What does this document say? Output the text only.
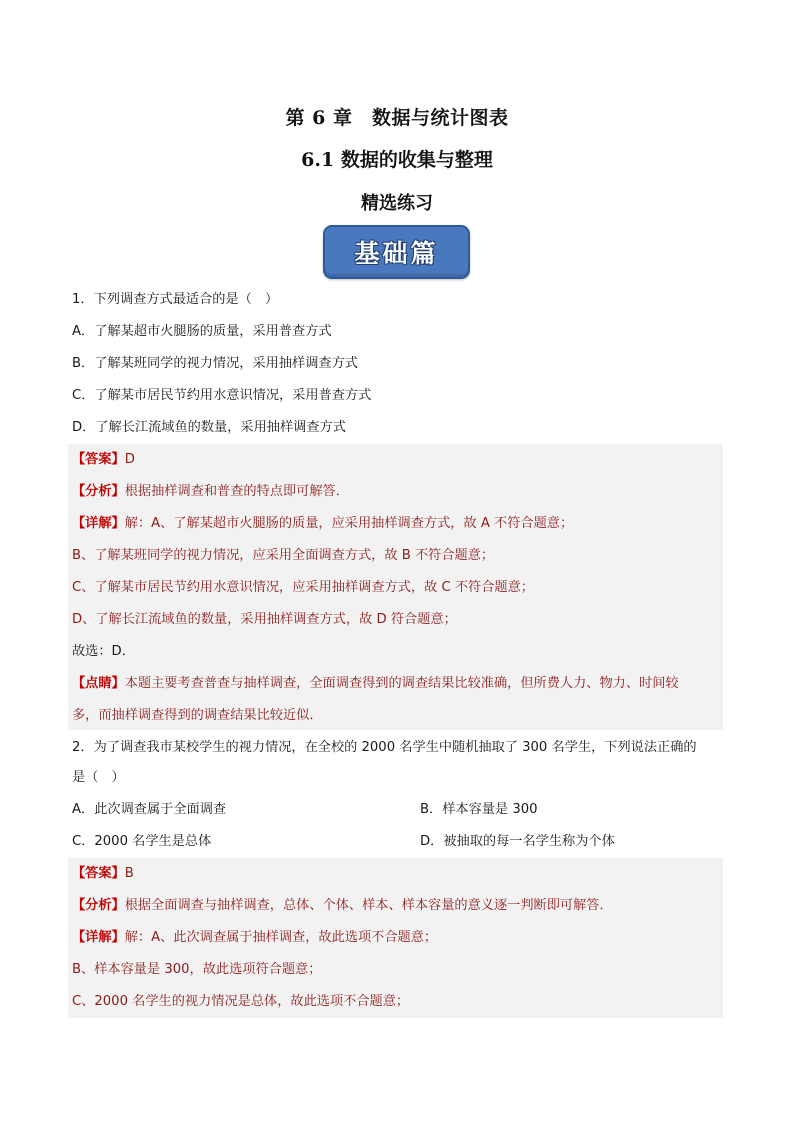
第 6 章　数据与统计图表
6.1 数据的收集与整理
精选练习
基础篇
1．下列调查方式最适合的是（　）
A．了解某超市火腿肠的质量，采用普查方式
B．了解某班同学的视力情况，采用抽样调查方式
C．了解某市居民节约用水意识情况，采用普查方式
D．了解长江流域鱼的数量，采用抽样调查方式
【答案】D
【分析】根据抽样调查和普查的特点即可解答．
【详解】解：A、了解某超市火腿肠的质量，应采用抽样调查方式，故 A 不符合题意；
B、了解某班同学的视力情况，应采用全面调查方式，故 B 不符合题意；
C、了解某市居民节约用水意识情况，应采用抽样调查方式，故 C 不符合题意；
D、了解长江流域鱼的数量，采用抽样调查方式，故 D 符合题意；
故选：D．
【点睛】本题主要考查普查与抽样调查，全面调查得到的调查结果比较准确，但所费人力、物力、时间较
多，而抽样调查得到的调查结果比较近似．
2．为了调查我市某校学生的视力情况，在全校的 2000 名学生中随机抽取了 300 名学生，下列说法正确的
是（　）
A．此次调查属于全面调查	B．样本容量是 300
C．2000 名学生是总体	D．被抽取的每一名学生称为个体
【答案】B
【分析】根据全面调查与抽样调查，总体、个体、样本、样本容量的意义逐一判断即可解答．
【详解】解：A、此次调查属于抽样调查，故此选项不合题意；
B、样本容量是 300，故此选项符合题意；
C、2000 名学生的视力情况是总体，故此选项不合题意；
